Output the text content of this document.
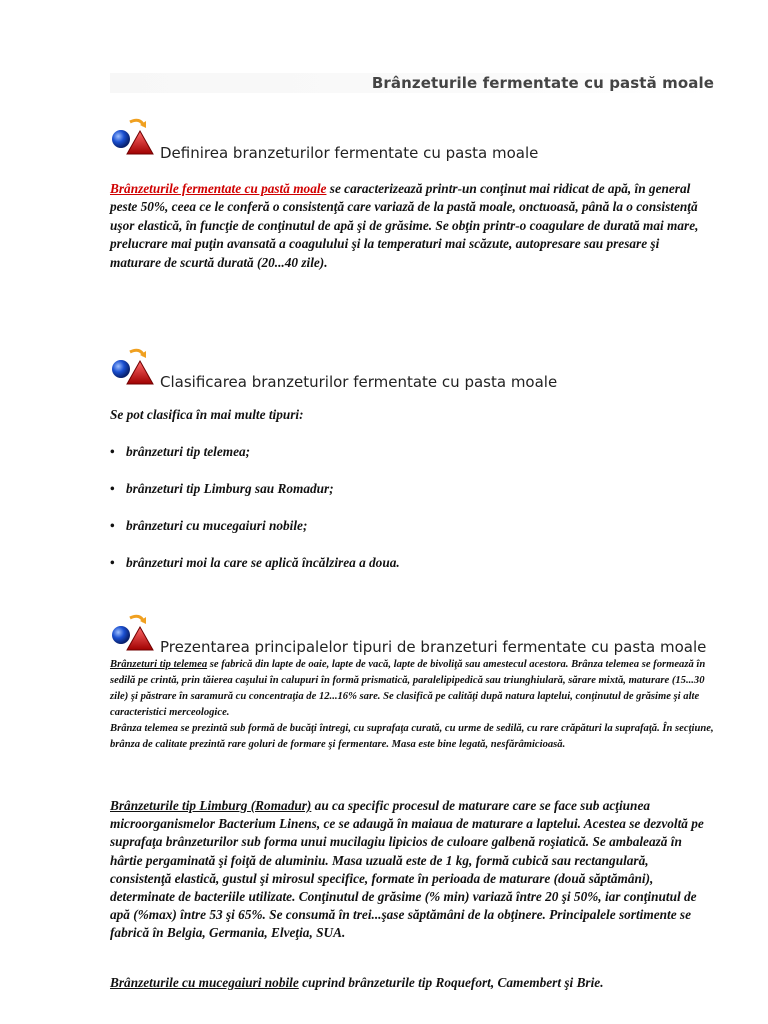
Brânzeturile fermentate cu pastă moale
Definirea branzeturilor fermentate cu pasta moale
Brânzeturile fermentate cu pastă moale se caracterizează printr-un conţinut mai ridicat de apă, în general peste 50%, ceea ce le conferă o consistenţă care variază de la pastă moale, onctuoasă, până la o consistenţă uşor elastică, în funcţie de conţinutul de apă şi de grăsime. Se obţin printr-o coagulare de durată mai mare, prelucrare mai puţin avansată a coagulului şi la temperaturi mai scăzute, autopresare sau presare şi maturare de scurtă durată (20...40 zile).
Clasificarea branzeturilor fermentate cu pasta moale
Se pot clasifica în mai multe tipuri:
• brânzeturi tip telemea;
• brânzeturi tip Limburg sau Romadur;
• brânzeturi cu mucegaiuri nobile;
• brânzeturi moi la care se aplică încălzirea a doua.
Prezentarea principalelor tipuri de branzeturi fermentate cu pasta moale
Brânzeturi tip telemea se fabrică din lapte de oaie, lapte de vacă, lapte de bivoliţă sau amestecul acestora. Brânza telemea se formează în sedilă pe crintă, prin tăierea caşului în calupuri în formă prismatică, paralelipipedică sau triunghiulară, sărare mixtă, maturare (15...30 zile) şi păstrare în saramură cu concentraţia de 12...16% sare. Se clasifică pe calităţi după natura laptelui, conţinutul de grăsime şi alte caracteristici merceologice.
Brânza telemea se prezintă sub formă de bucăţi întregi, cu suprafaţa curată, cu urme de sedilă, cu rare crăpături la suprafaţă. În secţiune, brânza de calitate prezintă rare goluri de formare şi fermentare. Masa este bine legată, nesfărâmicioasă.
Brânzeturile tip Limburg (Romadur) au ca specific procesul de maturare care se face sub acţiunea microorganismelor Bacterium Linens, ce se adaugă în maiaua de maturare a laptelui. Acestea se dezvoltă pe suprafaţa brânzeturilor sub forma unui mucilagiu lipicios de culoare galbenă roşiatică. Se ambalează în hârtie pergaminată şi foiţă de aluminiu. Masa uzuală este de 1 kg, formă cubică sau rectangulară, consistenţă elastică, gustul şi mirosul specifice, formate în perioada de maturare (două săptămâni), determinate de bacteriile utilizate. Conţinutul de grăsime (% min) variază între 20 şi 50%, iar conţinutul de apă (%max) între 53 şi 65%. Se consumă în trei...şase săptămâni de la obţinere. Principalele sortimente se fabrică în Belgia, Germania, Elveţia, SUA.
Brânzeturile cu mucegaiuri nobile cuprind brânzeturile tip Roquefort, Camembert şi Brie.
